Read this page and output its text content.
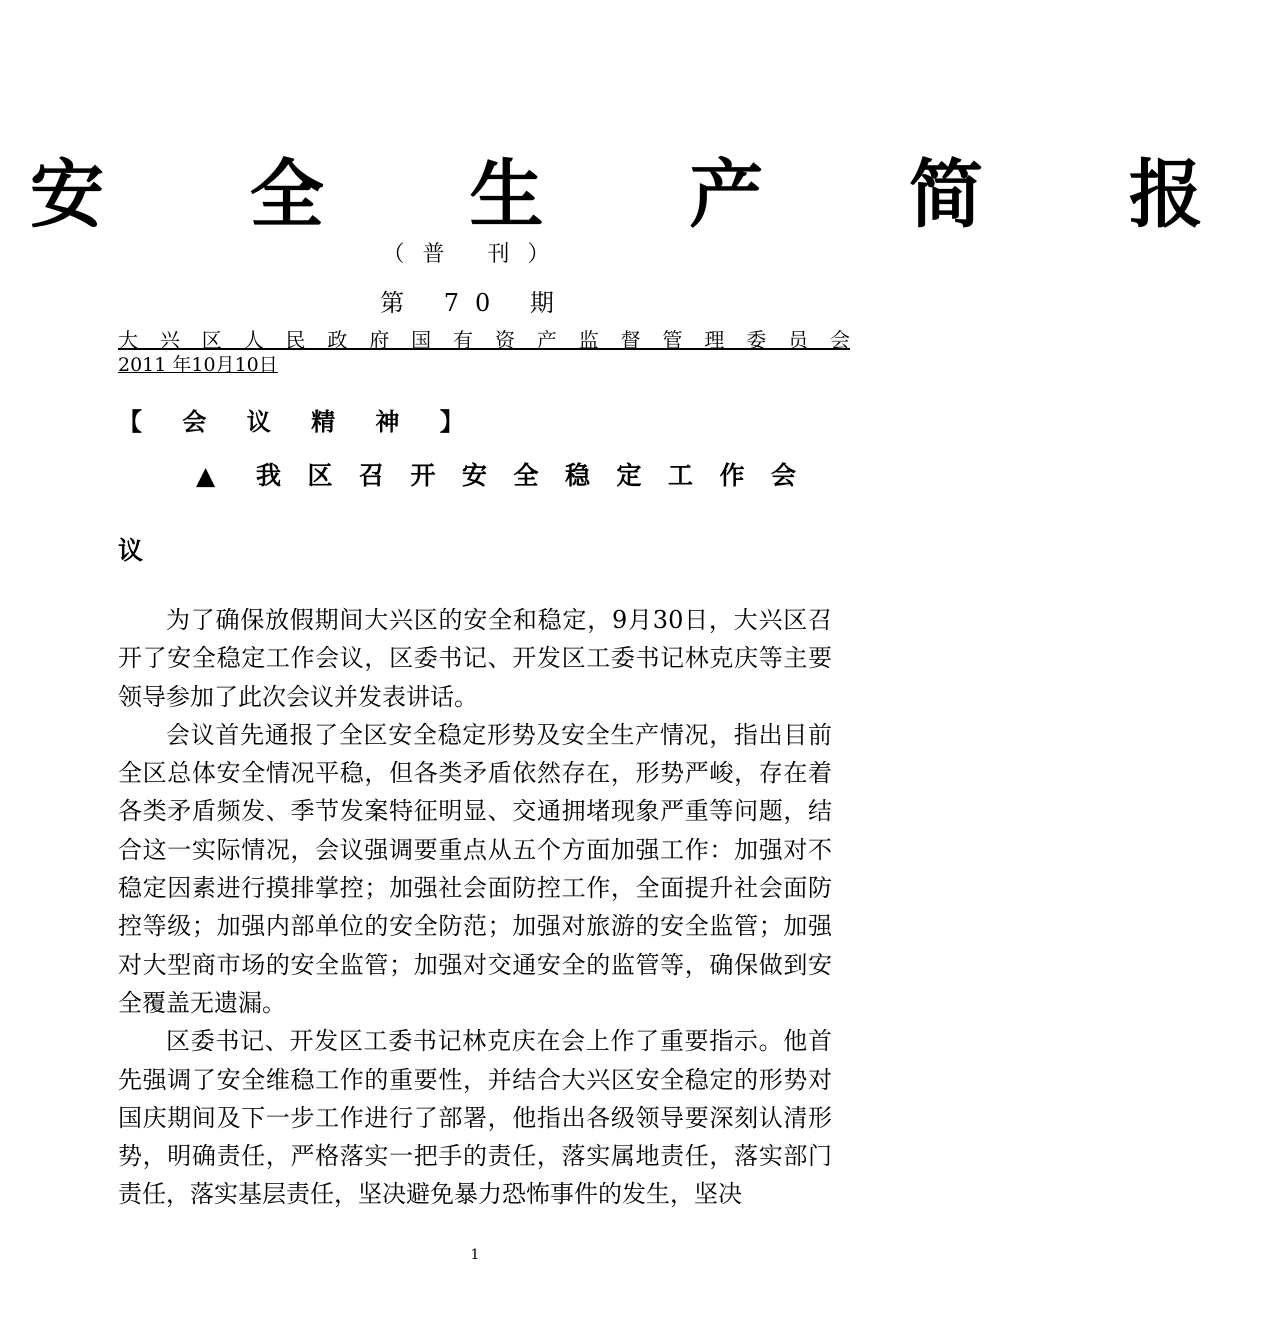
安 全 生 产 简 报
（普 刊）
第 70 期
大 兴 区 人 民 政 府 国 有 资 产 监 督 管 理 委 员 会
2011 年10月10日
【 会 议 精 神 】
▲ 我区召开安全稳定工作会
议

为了确保放假期间大兴区的安全和稳定，9月30日，大兴区召开了安全稳定工作会议，区委书记、开发区工委书记林克庆等主要领导参加了此次会议并发表讲话。

会议首先通报了全区安全稳定形势及安全生产情况，指出目前全区总体安全情况平稳，但各类矛盾依然存在，形势严峻，存在着各类矛盾频发、季节发案特征明显、交通拥堵现象严重等问题，结合这一实际情况，会议强调要重点从五个方面加强工作：加强对不稳定因素进行摸排掌控；加强社会面防控工作，全面提升社会面防控等级；加强内部单位的安全防范；加强对旅游的安全监管；加强对大型商市场的安全监管；加强对交通安全的监管等，确保做到安全覆盖无遗漏。

区委书记、开发区工委书记林克庆在会上作了重要指示。他首先强调了安全维稳工作的重要性，并结合大兴区安全稳定的形势对国庆期间及下一步工作进行了部署，他指出各级领导要深刻认清形势，明确责任，严格落实一把手的责任，落实属地责任，落实部门责任，落实基层责任，坚决避免暴力恐怖事件的发生，坚决

1
